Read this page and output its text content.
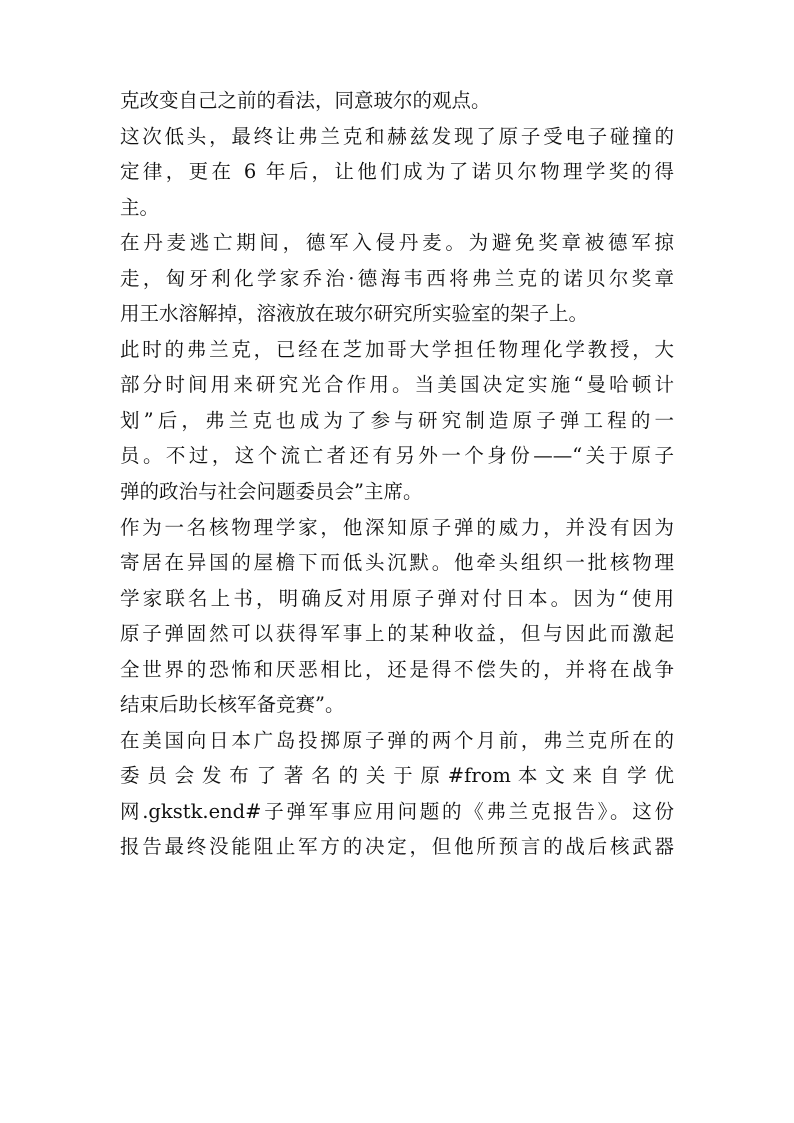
克改变自己之前的看法，同意玻尔的观点。
这次低头，最终让弗兰克和赫兹发现了原子受电子碰撞的
定律，更在 6 年后，让他们成为了诺贝尔物理学奖的得
主。
在丹麦逃亡期间，德军入侵丹麦。为避免奖章被德军掠
走，匈牙利化学家乔治·德海韦西将弗兰克的诺贝尔奖章
用王水溶解掉，溶液放在玻尔研究所实验室的架子上。
此时的弗兰克，已经在芝加哥大学担任物理化学教授，大
部分时间用来研究光合作用。当美国决定实施“曼哈顿计
划”后，弗兰克也成为了参与研究制造原子弹工程的一
员。不过，这个流亡者还有另外一个身份——“关于原子
弹的政治与社会问题委员会”主席。
作为一名核物理学家，他深知原子弹的威力，并没有因为
寄居在异国的屋檐下而低头沉默。他牵头组织一批核物理
学家联名上书，明确反对用原子弹对付日本。因为“使用
原子弹固然可以获得军事上的某种收益，但与因此而激起
全世界的恐怖和厌恶相比，还是得不偿失的，并将在战争
结束后助长核军备竞赛”。
在美国向日本广岛投掷原子弹的两个月前，弗兰克所在的
委 员 会 发 布 了 著 名 的 关 于 原 #from 本 文 来 自 学 优
网.gkstk.end#子弹军事应用问题的《弗兰克报告》。这份
报告最终没能阻止军方的决定，但他所预言的战后核武器
